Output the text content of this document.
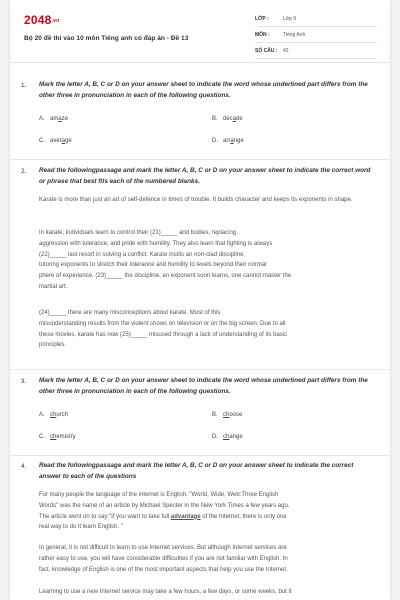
2048.vn
Bộ 20 đề thi vào 10 môn Tiếng anh có đáp án - Đề 13
LỚP :	Lớp 9
MÔN :	Tiếng Anh
SỐ CÂU :	42
1. Mark the letter A, B, C or D on your answer sheet to indicate the word whose underlined part differs from the other three in pronunciation in each of the following questions.
A. amaze	B. decade
C. average	D. arrange
2. Read the followingpassage and mark the letter A, B, C or D on your answer sheet to indicate the correct word or phrase that best fits each of the numbered blanks.

Karate is more than just an art of self-defence in times of trouble. It builds character and keeps its exponents in shape.

In karate, individuals learn to control their (21)_____ and bodies, replacing

aggression with tolerance, and pride with humility. They also learn that fighting is always

(22)_____ last resort in solving a conflict. Karate instils an iron-clad discipline,

tutoring exponents to stretch their tolerance and humility to levels beyond their normal

phere of experience. (23)_____ the discipline, an exponent soon learns, one cannot master the

martial art.

(24)_____ there are many misconceptions about karate. Most of this

misunderstanding results from the violent shows on television or on the big screen. Due to all

these movies, karate has now (25)_____ misused through a lack of understanding of its basic

principles.

3. Mark the letter A, B, C or D on your answer sheet to indicate the word whose underlined part differs from the other three in pronunciation in each of the following questions.
A. church	B. choose
C. chemistry	D. change
4. Read the followingpassage and mark the letter A, B, C or D on your answer sheet to indicate the correct answer to each of the questions

For many people the language of the internet is English. "World, Wide, Web:Three English

Words" was the name of an article by Michael Specter in the New York Times a few years ago.

The article went on to say:"If you want to take full advantage of the Internet, there is only one

real way to do it:learn English. "

In general, it is not difficult to learn to use Internet services. But although Internet services are

rather easy to use, you will have considerable difficulties if you are not familiar with English. In

fact, knowledge of English is one of the most important aspects that help you use the Internet.

Learning to use a new Internet service may take a few hours, a few days, or some weeks, but it
